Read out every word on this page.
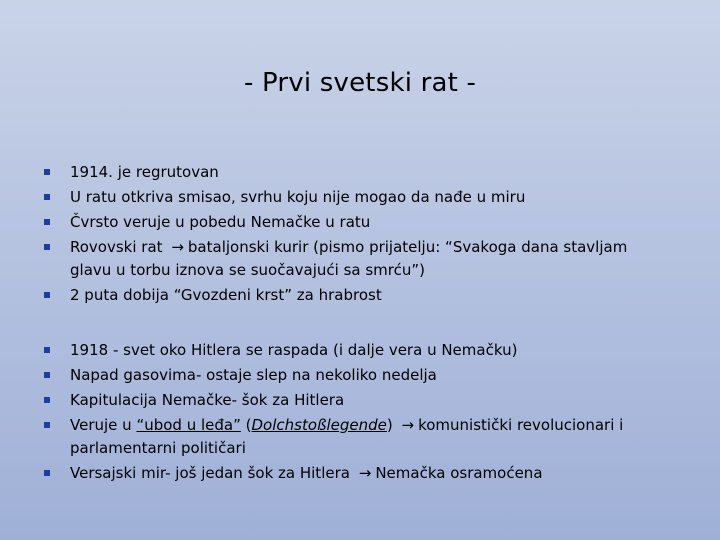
- Prvi svetski rat -
1914. je regrutovan
U ratu otkriva smisao, svrhu koju nije mogao da nađe u miru
Čvrsto veruje u pobedu Nemačke u ratu
Rovovski rat → bataljonski kurir (pismo prijatelju: “Svakoga dana stavljam
glavu u torbu iznova se suočavajući sa smrću”)
2 puta dobija “Gvozdeni krst” za hrabrost
1918 - svet oko Hitlera se raspada (i dalje vera u Nemačku)
Napad gasovima- ostaje slep na nekoliko nedelja
Kapitulacija Nemačke- šok za Hitlera
Veruje u “ubod u leđa” (Dolchstoßlegende) → komunistički revolucionari i
parlamentarni političari
Versajski mir- još jedan šok za Hitlera → Nemačka osramoćena
